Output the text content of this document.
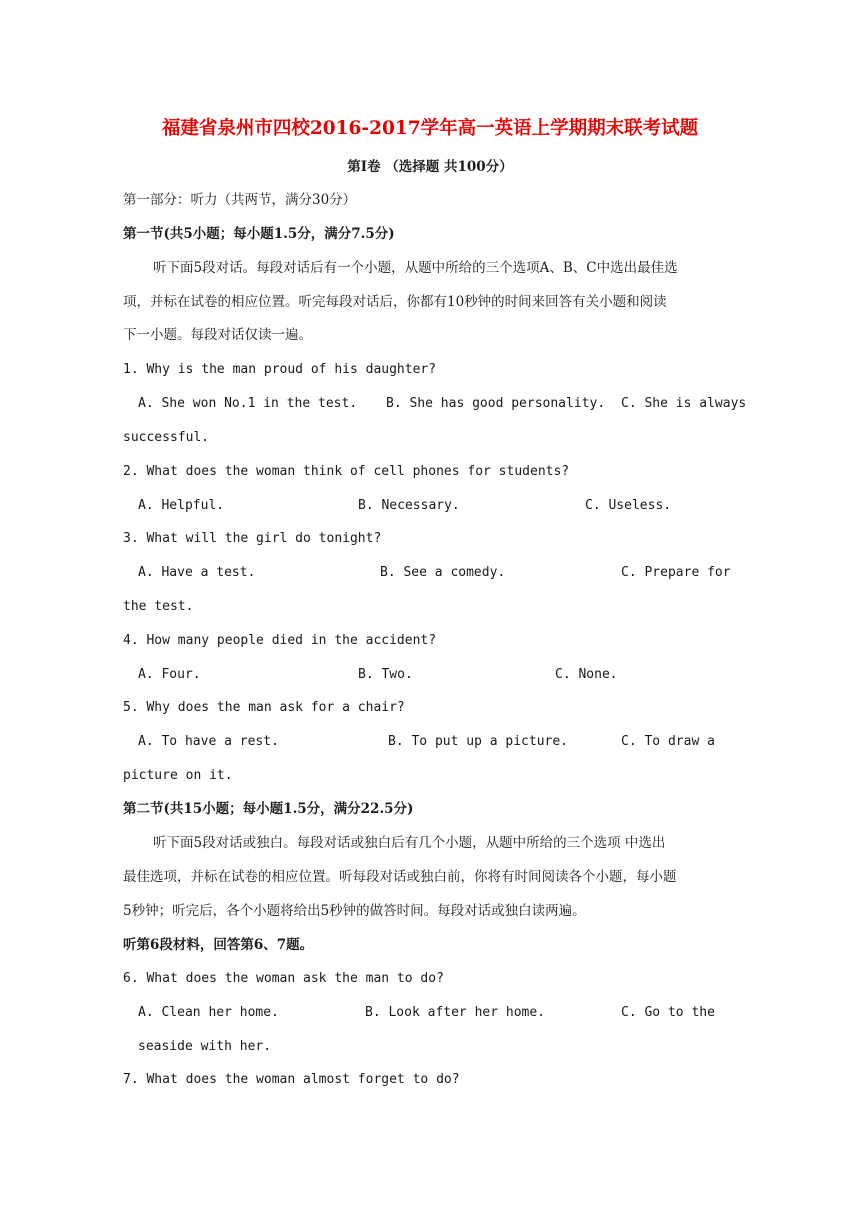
福建省泉州市四校2016-2017学年高一英语上学期期末联考试题
第Ⅰ卷 （选择题 共100分）
第一部分：听力（共两节，满分30分）
第一节(共5小题；每小题1.5分，满分7.5分)
听下面5段对话。每段对话后有一个小题，从题中所给的三个选项A、B、C中选出最佳选
项，并标在试卷的相应位置。听完每段对话后，你都有10秒钟的时间来回答有关小题和阅读
下一小题。每段对话仅读一遍。
1. Why is the man proud of his daughter?
A. She won No.1 in the test. B. She has good personality. C. She is always
successful.
2. What does the woman think of cell phones for students?
A. Helpful.	B. Necessary.	C. Useless.
3. What will the girl do tonight?
A. Have a test.	B. See a comedy.	C. Prepare for
the test.
4. How many people died in the accident?
A. Four.	B. Two.	C. None.
5. Why does the man ask for a chair?
A. To have a rest.	B. To put up a picture.	C. To draw a
picture on it.
第二节(共15小题；每小题1.5分，满分22.5分)
听下面5段对话或独白。每段对话或独白后有几个小题，从题中所给的三个选项 中选出
最佳选项，并标在试卷的相应位置。听每段对话或独白前，你将有时间阅读各个小题，每小题
5秒钟；听完后，各个小题将给出5秒钟的做答时间。每段对话或独白读两遍。
听第6段材料，回答第6、7题。
6. What does the woman ask the man to do?
A. Clean her home.	B. Look after her home.	C. Go to the
seaside with her.
7. What does the woman almost forget to do?
